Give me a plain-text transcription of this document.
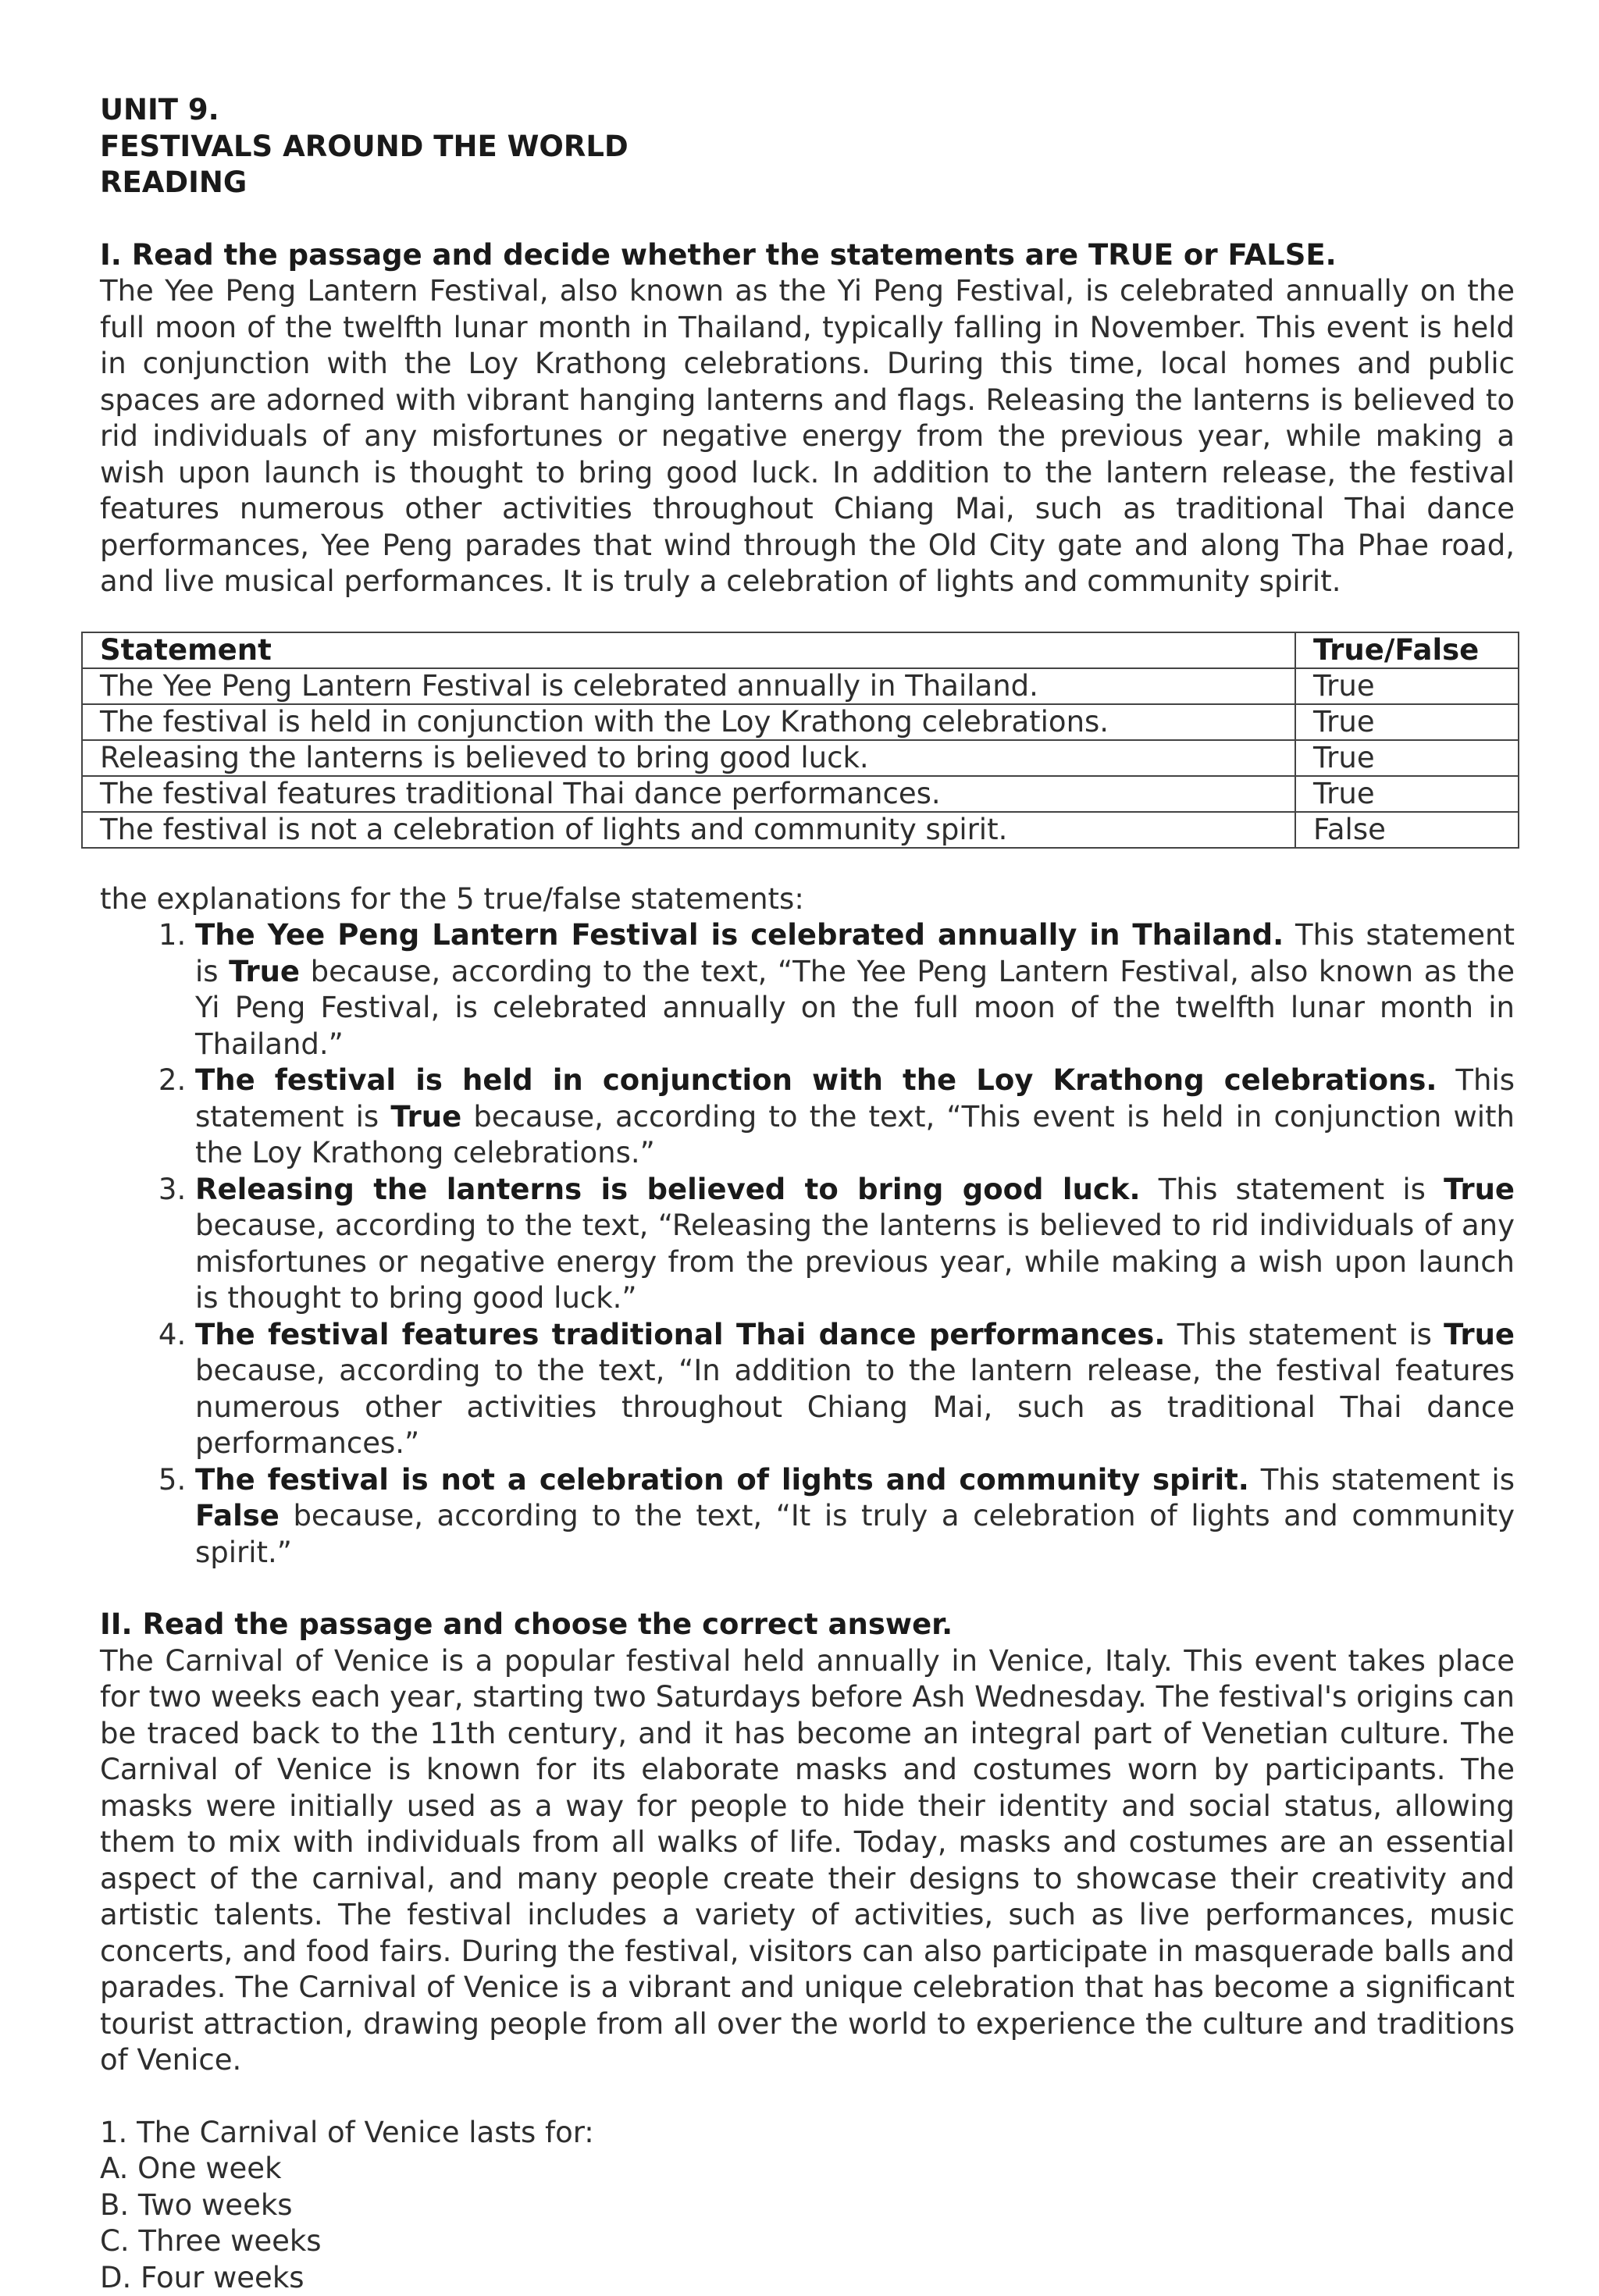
UNIT 9.

FESTIVALS AROUND THE WORLD

READING

I. Read the passage and decide whether the statements are TRUE or FALSE.

The Yee Peng Lantern Festival, also known as the Yi Peng Festival, is celebrated annually on the full moon of the twelfth lunar month in Thailand, typically falling in November. This event is held in conjunction with the Loy Krathong celebrations. During this time, local homes and public spaces are adorned with vibrant hanging lanterns and flags. Releasing the lanterns is believed to rid individuals of any misfortunes or negative energy from the previous year, while making a wish upon launch is thought to bring good luck. In addition to the lantern release, the festival features numerous other activities throughout Chiang Mai, such as traditional Thai dance performances, Yee Peng parades that wind through the Old City gate and along Tha Phae road, and live musical performances. It is truly a celebration of lights and community spirit.

Statement	True/False
The Yee Peng Lantern Festival is celebrated annually in Thailand.	True
The festival is held in conjunction with the Loy Krathong celebrations.	True
Releasing the lanterns is believed to bring good luck.	True
The festival features traditional Thai dance performances.	True
The festival is not a celebration of lights and community spirit.	False

the explanations for the 5 true/false statements:

1. The Yee Peng Lantern Festival is celebrated annually in Thailand. This statement is True because, according to the text, “The Yee Peng Lantern Festival, also known as the Yi Peng Festival, is celebrated annually on the full moon of the twelfth lunar month in Thailand.”
2. The festival is held in conjunction with the Loy Krathong celebrations. This statement is True because, according to the text, “This event is held in conjunction with the Loy Krathong celebrations.”
3. Releasing the lanterns is believed to bring good luck. This statement is True because, according to the text, “Releasing the lanterns is believed to rid individuals of any misfortunes or negative energy from the previous year, while making a wish upon launch is thought to bring good luck.”
4. The festival features traditional Thai dance performances. This statement is True because, according to the text, “In addition to the lantern release, the festival features numerous other activities throughout Chiang Mai, such as traditional Thai dance performances.”
5. The festival is not a celebration of lights and community spirit. This statement is False because, according to the text, “It is truly a celebration of lights and community spirit.”

II. Read the passage and choose the correct answer.

The Carnival of Venice is a popular festival held annually in Venice, Italy. This event takes place for two weeks each year, starting two Saturdays before Ash Wednesday. The festival's origins can be traced back to the 11th century, and it has become an integral part of Venetian culture. The Carnival of Venice is known for its elaborate masks and costumes worn by participants. The masks were initially used as a way for people to hide their identity and social status, allowing them to mix with individuals from all walks of life. Today, masks and costumes are an essential aspect of the carnival, and many people create their designs to showcase their creativity and artistic talents. The festival includes a variety of activities, such as live performances, music concerts, and food fairs. During the festival, visitors can also participate in masquerade balls and parades. The Carnival of Venice is a vibrant and unique celebration that has become a significant tourist attraction, drawing people from all over the world to experience the culture and traditions of Venice.

1. The Carnival of Venice lasts for:

A. One week

B. Two weeks

C. Three weeks

D. Four weeks
